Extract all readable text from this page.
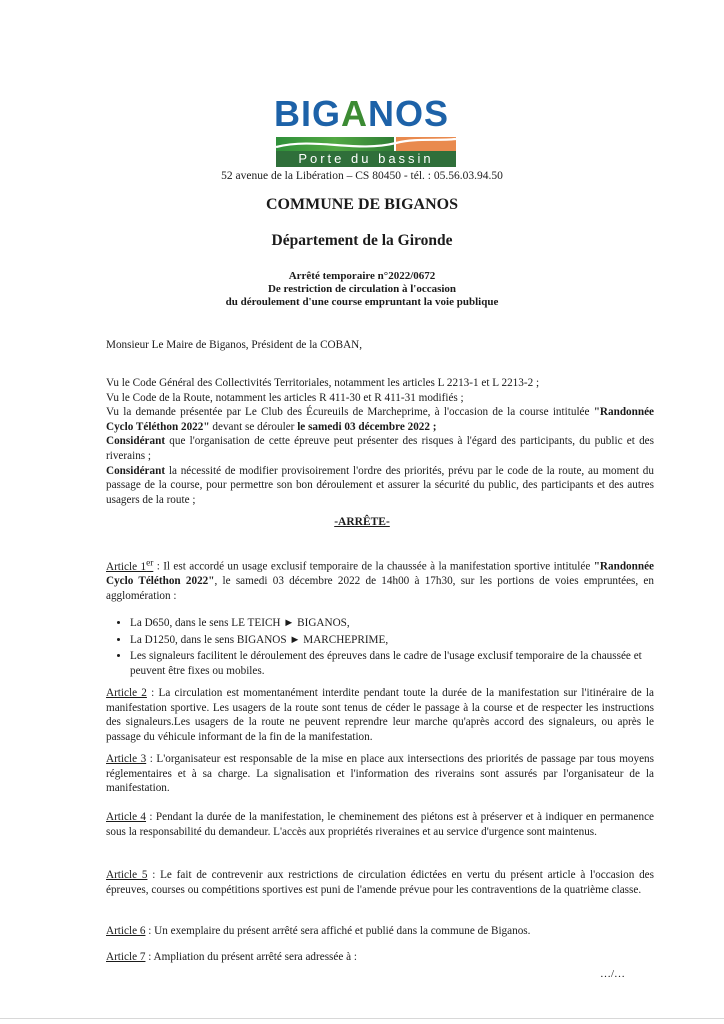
BIGANOS
Porte du bassin
52 avenue de la Libération – CS 80450 - tél. : 05.56.03.94.50
COMMUNE DE BIGANOS
Département de la Gironde
Arrêté temporaire n°2022/0672
De restriction de circulation à l'occasion
du déroulement d'une course empruntant la voie publique
Monsieur Le Maire de Biganos, Président de la COBAN,
Vu le Code Général des Collectivités Territoriales, notamment les articles L 2213-1 et L 2213-2 ;
Vu le Code de la Route, notamment les articles R 411-30 et R 411-31 modifiés ;
Vu la demande présentée par Le Club des Écureuils de Marcheprime, à l'occasion de la course intitulée "Randonnée Cyclo Téléthon 2022" devant se dérouler le samedi 03 décembre 2022 ;
Considérant que l'organisation de cette épreuve peut présenter des risques à l'égard des participants, du public et des riverains ;
Considérant la nécessité de modifier provisoirement l'ordre des priorités, prévu par le code de la route, au moment du passage de la course, pour permettre son bon déroulement et assurer la sécurité du public, des participants et des autres usagers de la route ;
-ARRÊTE-
Article 1er : Il est accordé un usage exclusif temporaire de la chaussée à la manifestation sportive intitulée "Randonnée Cyclo Téléthon 2022", le samedi 03 décembre 2022 de 14h00 à 17h30, sur les portions de voies empruntées, en agglomération :
• La D650, dans le sens LE TEICH ► BIGANOS,
• La D1250, dans le sens BIGANOS ► MARCHEPRIME,
• Les signaleurs facilitent le déroulement des épreuves dans le cadre de l'usage exclusif temporaire de la chaussée et peuvent être fixes ou mobiles.
Article 2 : La circulation est momentanément interdite pendant toute la durée de la manifestation sur l'itinéraire de la manifestation sportive. Les usagers de la route sont tenus de céder le passage à la course et de respecter les instructions des signaleurs.Les usagers de la route ne peuvent reprendre leur marche qu'après accord des signaleurs, ou après le passage du véhicule informant de la fin de la manifestation.
Article 3 : L'organisateur est responsable de la mise en place aux intersections des priorités de passage par tous moyens réglementaires et à sa charge. La signalisation et l'information des riverains sont assurés par l'organisateur de la manifestation.
Article 4 : Pendant la durée de la manifestation, le cheminement des piétons est à préserver et à indiquer en permanence sous la responsabilité du demandeur. L'accès aux propriétés riveraines et au service d'urgence sont maintenus.
Article 5 : Le fait de contrevenir aux restrictions de circulation édictées en vertu du présent article à l'occasion des épreuves, courses ou compétitions sportives est puni de l'amende prévue pour les contraventions de la quatrième classe.
Article 6 : Un exemplaire du présent arrêté sera affiché et publié dans la commune de Biganos.
Article 7 : Ampliation du présent arrêté sera adressée à :
…/…
